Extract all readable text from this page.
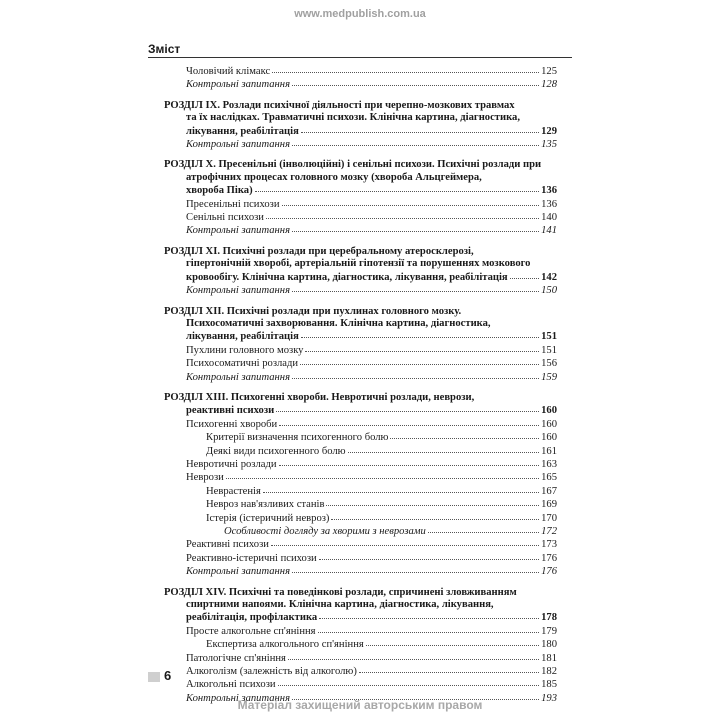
www.medpublish.com.ua
Зміст
Чоловічий клімакс	125
Контрольні запитання	128
РОЗДІЛ IX. Розлади психічної діяльності при черепно-мозкових травмах
та їх наслідках. Травматичні психози. Клінічна картина, діагностика,
лікування, реабілітація	129
Контрольні запитання	135
РОЗДІЛ X. Пресенільні (інволюційні) і сенільні психози. Психічні розлади при
атрофічних процесах головного мозку (хвороба Альцгеймера,
хвороба Піка)	136
Пресенільні психози	136
Сенільні психози	140
Контрольні запитання	141
РОЗДІЛ XI. Психічні розлади при церебральному атеросклерозі,
гіпертонічній хворобі, артеріальній гіпотензії та порушеннях мозкового
кровообігу. Клінічна картина, діагностика, лікування, реабілітація	142
Контрольні запитання	150
РОЗДІЛ XII. Психічні розлади при пухлинах головного мозку.
Психосоматичні захворювання. Клінічна картина, діагностика,
лікування, реабілітація	151
Пухлини головного мозку	151
Психосоматичні розлади	156
Контрольні запитання	159
РОЗДІЛ XIII. Психогенні хвороби. Невротичні розлади, неврози,
реактивні психози	160
Психогенні хвороби	160
Критерії визначення психогенного болю	160
Деякі види психогенного болю	161
Невротичні розлади	163
Неврози	165
Неврастенія	167
Невроз нав'язливих станів	169
Істерія (істеричний невроз)	170
Особливості догляду за хворими з неврозами	172
Реактивні психози	173
Реактивно-істеричні психози	176
Контрольні запитання	176
РОЗДІЛ XIV. Психічні та поведінкові розлади, спричинені зловживанням
спиртними напоями. Клінічна картина, діагностика, лікування,
реабілітація, профілактика	178
Просте алкогольне сп'яніння	179
Експертиза алкогольного сп'яніння	180
Патологічне сп'яніння	181
Алкоголізм (залежність від алкоголю)	182
Алкогольні психози	185
Контрольні запитання	193
6
Матеріал захищений авторським правом
